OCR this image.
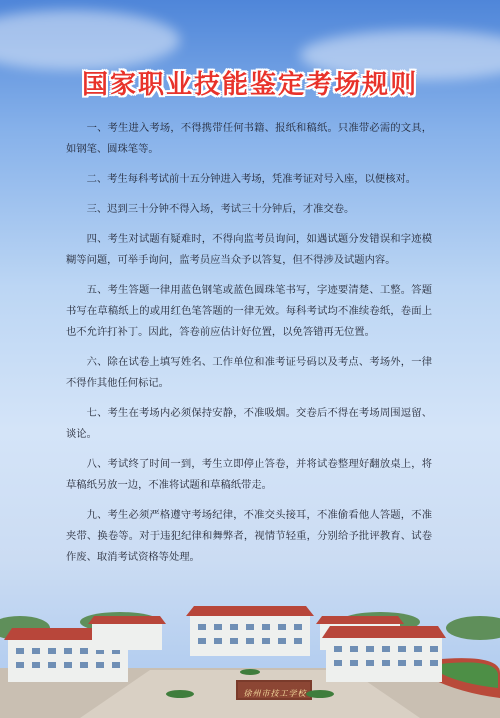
国家职业技能鉴定考场规则

一、考生进入考场，不得携带任何书籍、报纸和稿纸。只准带必需的文具，如钢笔、圆珠笔等。

二、考生每科考试前十五分钟进入考场，凭准考证对号入座，以便核对。

三、迟到三十分钟不得入场，考试三十分钟后，才准交卷。

四、考生对试题有疑难时，不得向监考员询问，如遇试题分发错误和字迹模糊等问题，可举手询问，监考员应当众予以答复，但不得涉及试题内容。

五、考生答题一律用蓝色钢笔或蓝色圆珠笔书写，字迹要清楚、工整。答题书写在草稿纸上的或用红色笔答题的一律无效。每科考试均不准续卷纸，卷面上也不允许打补丁。因此，答卷前应估计好位置，以免答错再无位置。

六、除在试卷上填写姓名、工作单位和准考证号码以及考点、考场外，一律不得作其他任何标记。

七、考生在考场内必须保持安静，不准吸烟。交卷后不得在考场周围逗留、谈论。

八、考试终了时间一到，考生立即停止答卷，并将试卷整理好翻放桌上，将草稿纸另放一边，不准将试题和草稿纸带走。

九、考生必须严格遵守考场纪律，不准交头接耳，不准偷看他人答题，不准夹带、换卷等。对于违犯纪律和舞弊者，视情节轻重，分别给予批评教育、试卷作废、取消考试资格等处理。

徐州市技工学校
